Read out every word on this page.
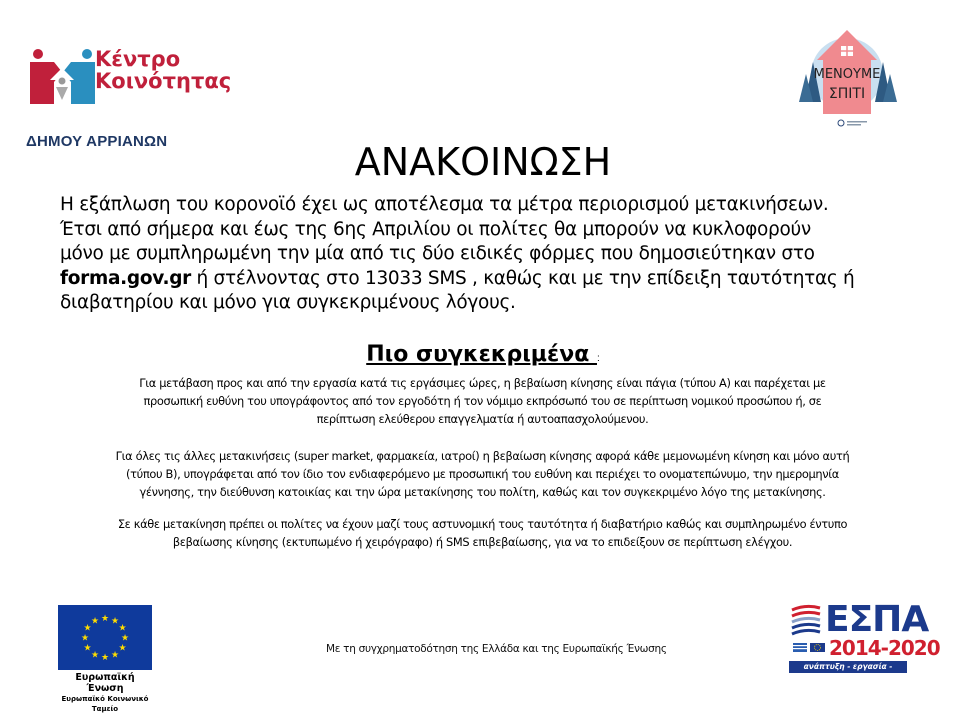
Κέντρο
Κοινότητας
ΔΗΜΟΥ ΑΡΡΙΑΝΩΝ
ΜΕΝΟΥΜΕ
ΣΠΙΤΙ
ΑΝΑΚΟΙΝΩΣΗ

Η εξάπλωση του κορονοϊό έχει ως αποτέλεσμα τα μέτρα περιορισμού μετακινήσεων.

Έτσι από σήμερα και έως της 6ης Απριλίου οι πολίτες θα μπορούν να κυκλοφορούν

μόνο με συμπληρωμένη την μία από τις δύο ειδικές φόρμες που δημοσιεύτηκαν στο

forma.gov.gr ή στέλνοντας στο 13033 SMS , καθώς και με την επίδειξη ταυτότητας ή

διαβατηρίου και μόνο για συγκεκριμένους λόγους.

Πιο συγκεκριμένα :

Για μετάβαση προς και από την εργασία κατά τις εργάσιμες ώρες, η βεβαίωση κίνησης είναι πάγια (τύπου Α) και παρέχεται με

προσωπική ευθύνη του υπογράφοντος από τον εργοδότη ή τον νόμιμο εκπρόσωπό του σε περίπτωση νομικού προσώπου ή, σε

περίπτωση ελεύθερου επαγγελματία ή αυτοαπασχολούμενου.

Για όλες τις άλλες μετακινήσεις (super market, φαρμακεία, ιατροί) η βεβαίωση κίνησης αφορά κάθε μεμονωμένη κίνηση και μόνο αυτή

(τύπου Β), υπογράφεται από τον ίδιο τον ενδιαφερόμενο με προσωπική του ευθύνη και περιέχει το ονοματεπώνυμο, την ημερομηνία

γέννησης, την διεύθυνση κατοικίας και την ώρα μετακίνησης του πολίτη, καθώς και τον συγκεκριμένο λόγο της μετακίνησης.

Σε κάθε μετακίνηση πρέπει οι πολίτες να έχουν μαζί τους αστυνομική τους ταυτότητα ή διαβατήριο καθώς και συμπληρωμένο έντυπο

βεβαίωσης κίνησης (εκτυπωμένο ή χειρόγραφο) ή SMS επιβεβαίωσης, για να το επιδείξουν σε περίπτωση ελέγχου.

★ ★
★
★
★
★
★
★
★
★
★
★
Ευρωπαϊκή
Ένωση
Ευρωπαϊκό Κοινωνικό
Ταμείο
Με τη συγχρηματοδότηση της Ελλάδα και της Ευρωπαϊκής Ένωσης
ΕΣΠΑ
2014-2020
ανάπτυξη - εργασία - αλληλεγγύη
